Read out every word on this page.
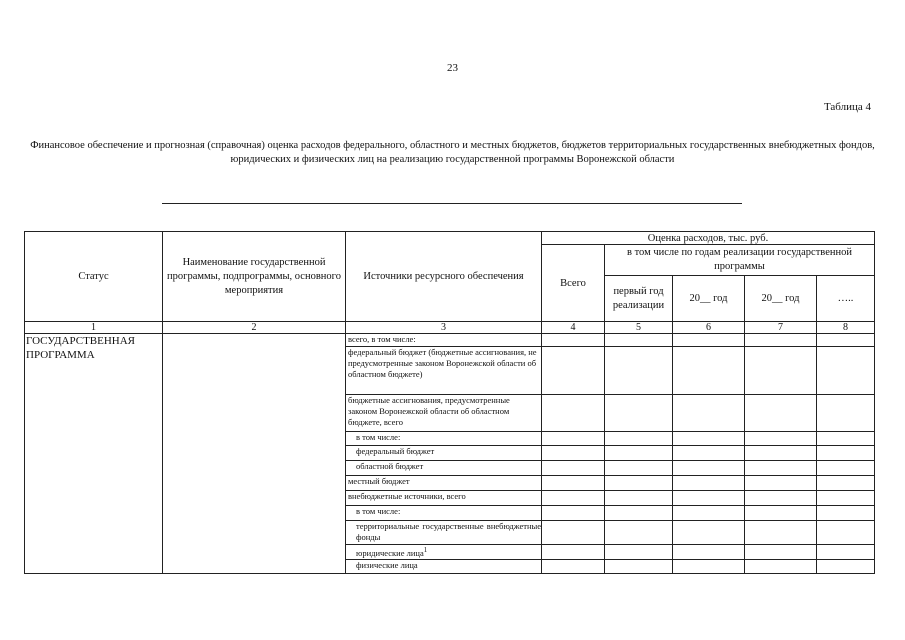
23
Таблица 4
Финансовое обеспечение и прогнозная (справочная) оценка расходов федерального, областного и местных бюджетов, бюджетов территориальных государственных внебюджетных фондов, юридических и физических лиц на реализацию государственной программы Воронежской области
Статус	Наименование государственной программы, подпрограммы, основного мероприятия	Источники ресурсного обеспечения	Оценка расходов, тыс. руб.				
			Всего	в том числе по годам реализации государственной программы			
				первый год реализации	20__ год	20__ год	…..
1	2	3	4	5	6	7	8
ГОСУДАРСТВЕННАЯ ПРОГРАММА		всего, в том числе:					
		федеральный бюджет (бюджетные ассигнования, не предусмотренные законом Воронежской области об областном бюджете)					
		бюджетные ассигнования, предусмотренные законом Воронежской области об областном бюджете, всего					
		в том числе:					
		федеральный бюджет					
		областной бюджет					
		местный бюджет					
		внебюджетные источники, всего					
		в том числе:					
		территориальные государственные внебюджетные фонды					
		юридические лица$^1$					
		физические лица					
